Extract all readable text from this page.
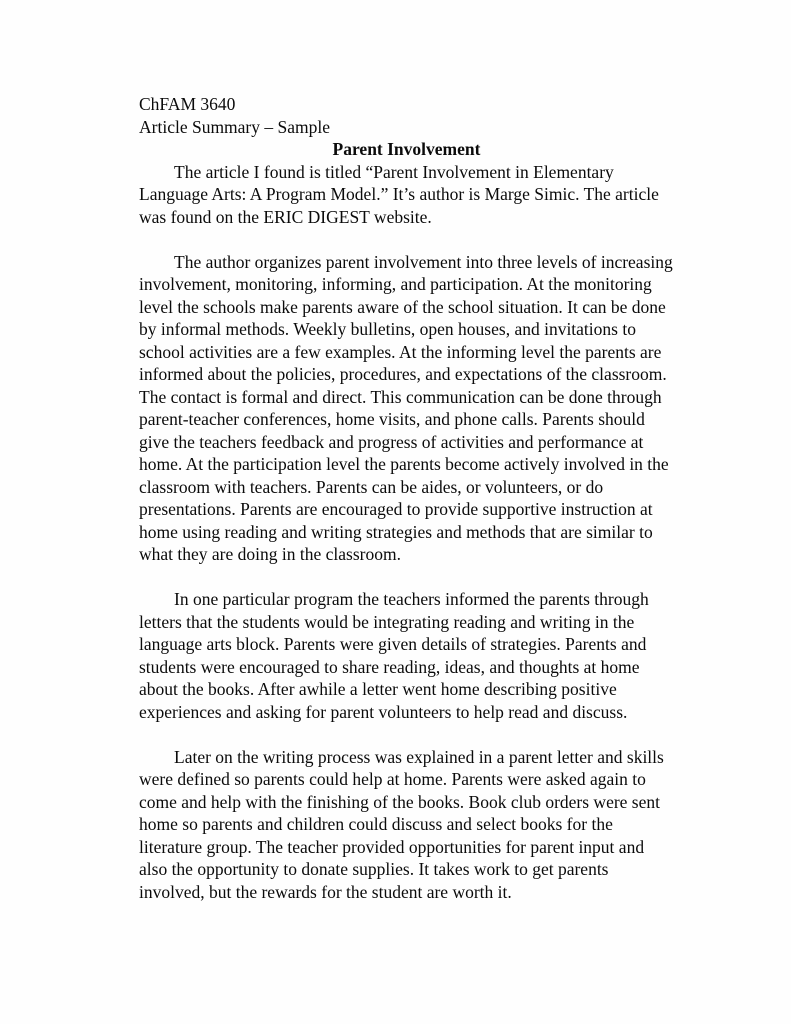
ChFAM 3640

Article Summary – Sample

Parent Involvement

The article I found is titled “Parent Involvement in Elementary Language Arts: A Program Model.” It’s author is Marge Simic. The article was found on the ERIC DIGEST website.

The author organizes parent involvement into three levels of increasing involvement, monitoring, informing, and participation. At the monitoring level the schools make parents aware of the school situation. It can be done by informal methods. Weekly bulletins, open houses, and invitations to school activities are a few examples. At the informing level the parents are informed about the policies, procedures, and expectations of the classroom. The contact is formal and direct. This communication can be done through parent-teacher conferences, home visits, and phone calls. Parents should give the teachers feedback and progress of activities and performance at home. At the participation level the parents become actively involved in the classroom with teachers. Parents can be aides, or volunteers, or do presentations. Parents are encouraged to provide supportive instruction at home using reading and writing strategies and methods that are similar to what they are doing in the classroom.

In one particular program the teachers informed the parents through letters that the students would be integrating reading and writing in the language arts block. Parents were given details of strategies. Parents and students were encouraged to share reading, ideas, and thoughts at home about the books. After awhile a letter went home describing positive experiences and asking for parent volunteers to help read and discuss.

Later on the writing process was explained in a parent letter and skills were defined so parents could help at home. Parents were asked again to come and help with the finishing of the books. Book club orders were sent home so parents and children could discuss and select books for the literature group. The teacher provided opportunities for parent input and also the opportunity to donate supplies. It takes work to get parents involved, but the rewards for the student are worth it.
